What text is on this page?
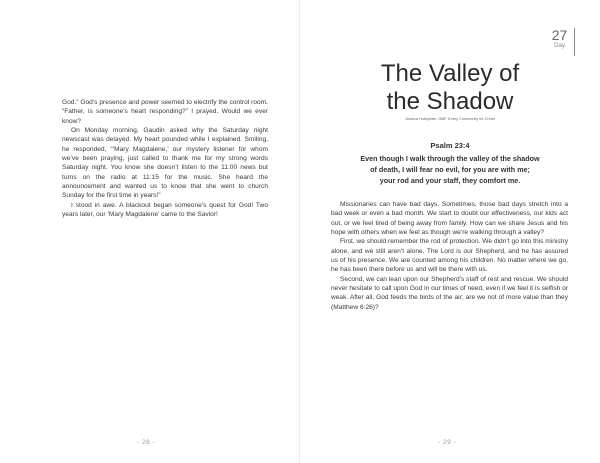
God.” God’s presence and power seemed to electrify the control room. “Father, is someone’s heart responding?” I prayed. Would we ever know?

On Monday morning, Gaudin asked why the Saturday night newscast was delayed. My heart pounded while I explained. Smiling, he responded, “‘Mary Magdalene,’ our mystery listener for whom we’ve been praying, just called to thank me for my strong words Saturday night. You know she doesn’t listen to the 11:00 news but turns on the radio at 11:15 for the music. She heard the announcement and wanted us to know that she went to church Sunday for the first time in years!”

I stood in awe. A blackout began someone’s quest for God! Two years later, our ‘Mary Magdalene’ came to the Savior!

- 28 -
27
Day
The Valley of
the Shadow
Jessica Hollopeter, OMF, Every Community for Christ
Psalm 23:4
Even though I walk through the valley of the shadow
of death, I will fear no evil, for you are with me;
your rod and your staff, they comfort me.

Missionaries can have bad days. Sometimes, those bad days stretch into a bad week or even a bad month. We start to doubt our effectiveness, our kids act out, or we feel tired of being away from family. How can we share Jesus and his hope with others when we feel as though we’re walking through a valley?

First, we should remember the rod of protection. We didn’t go into this ministry alone, and we still aren’t alone. The Lord is our Shepherd, and he has assured us of his presence. We are counted among his children. No matter where we go, he has been there before us and will be there with us.

Second, we can lean upon our Shepherd’s staff of rest and rescue. We should never hesitate to call upon God in our times of need, even if we feel it is selfish or weak. After all, God feeds the birds of the air; are we not of more value than they (Matthew 6:26)?

- 29 -
